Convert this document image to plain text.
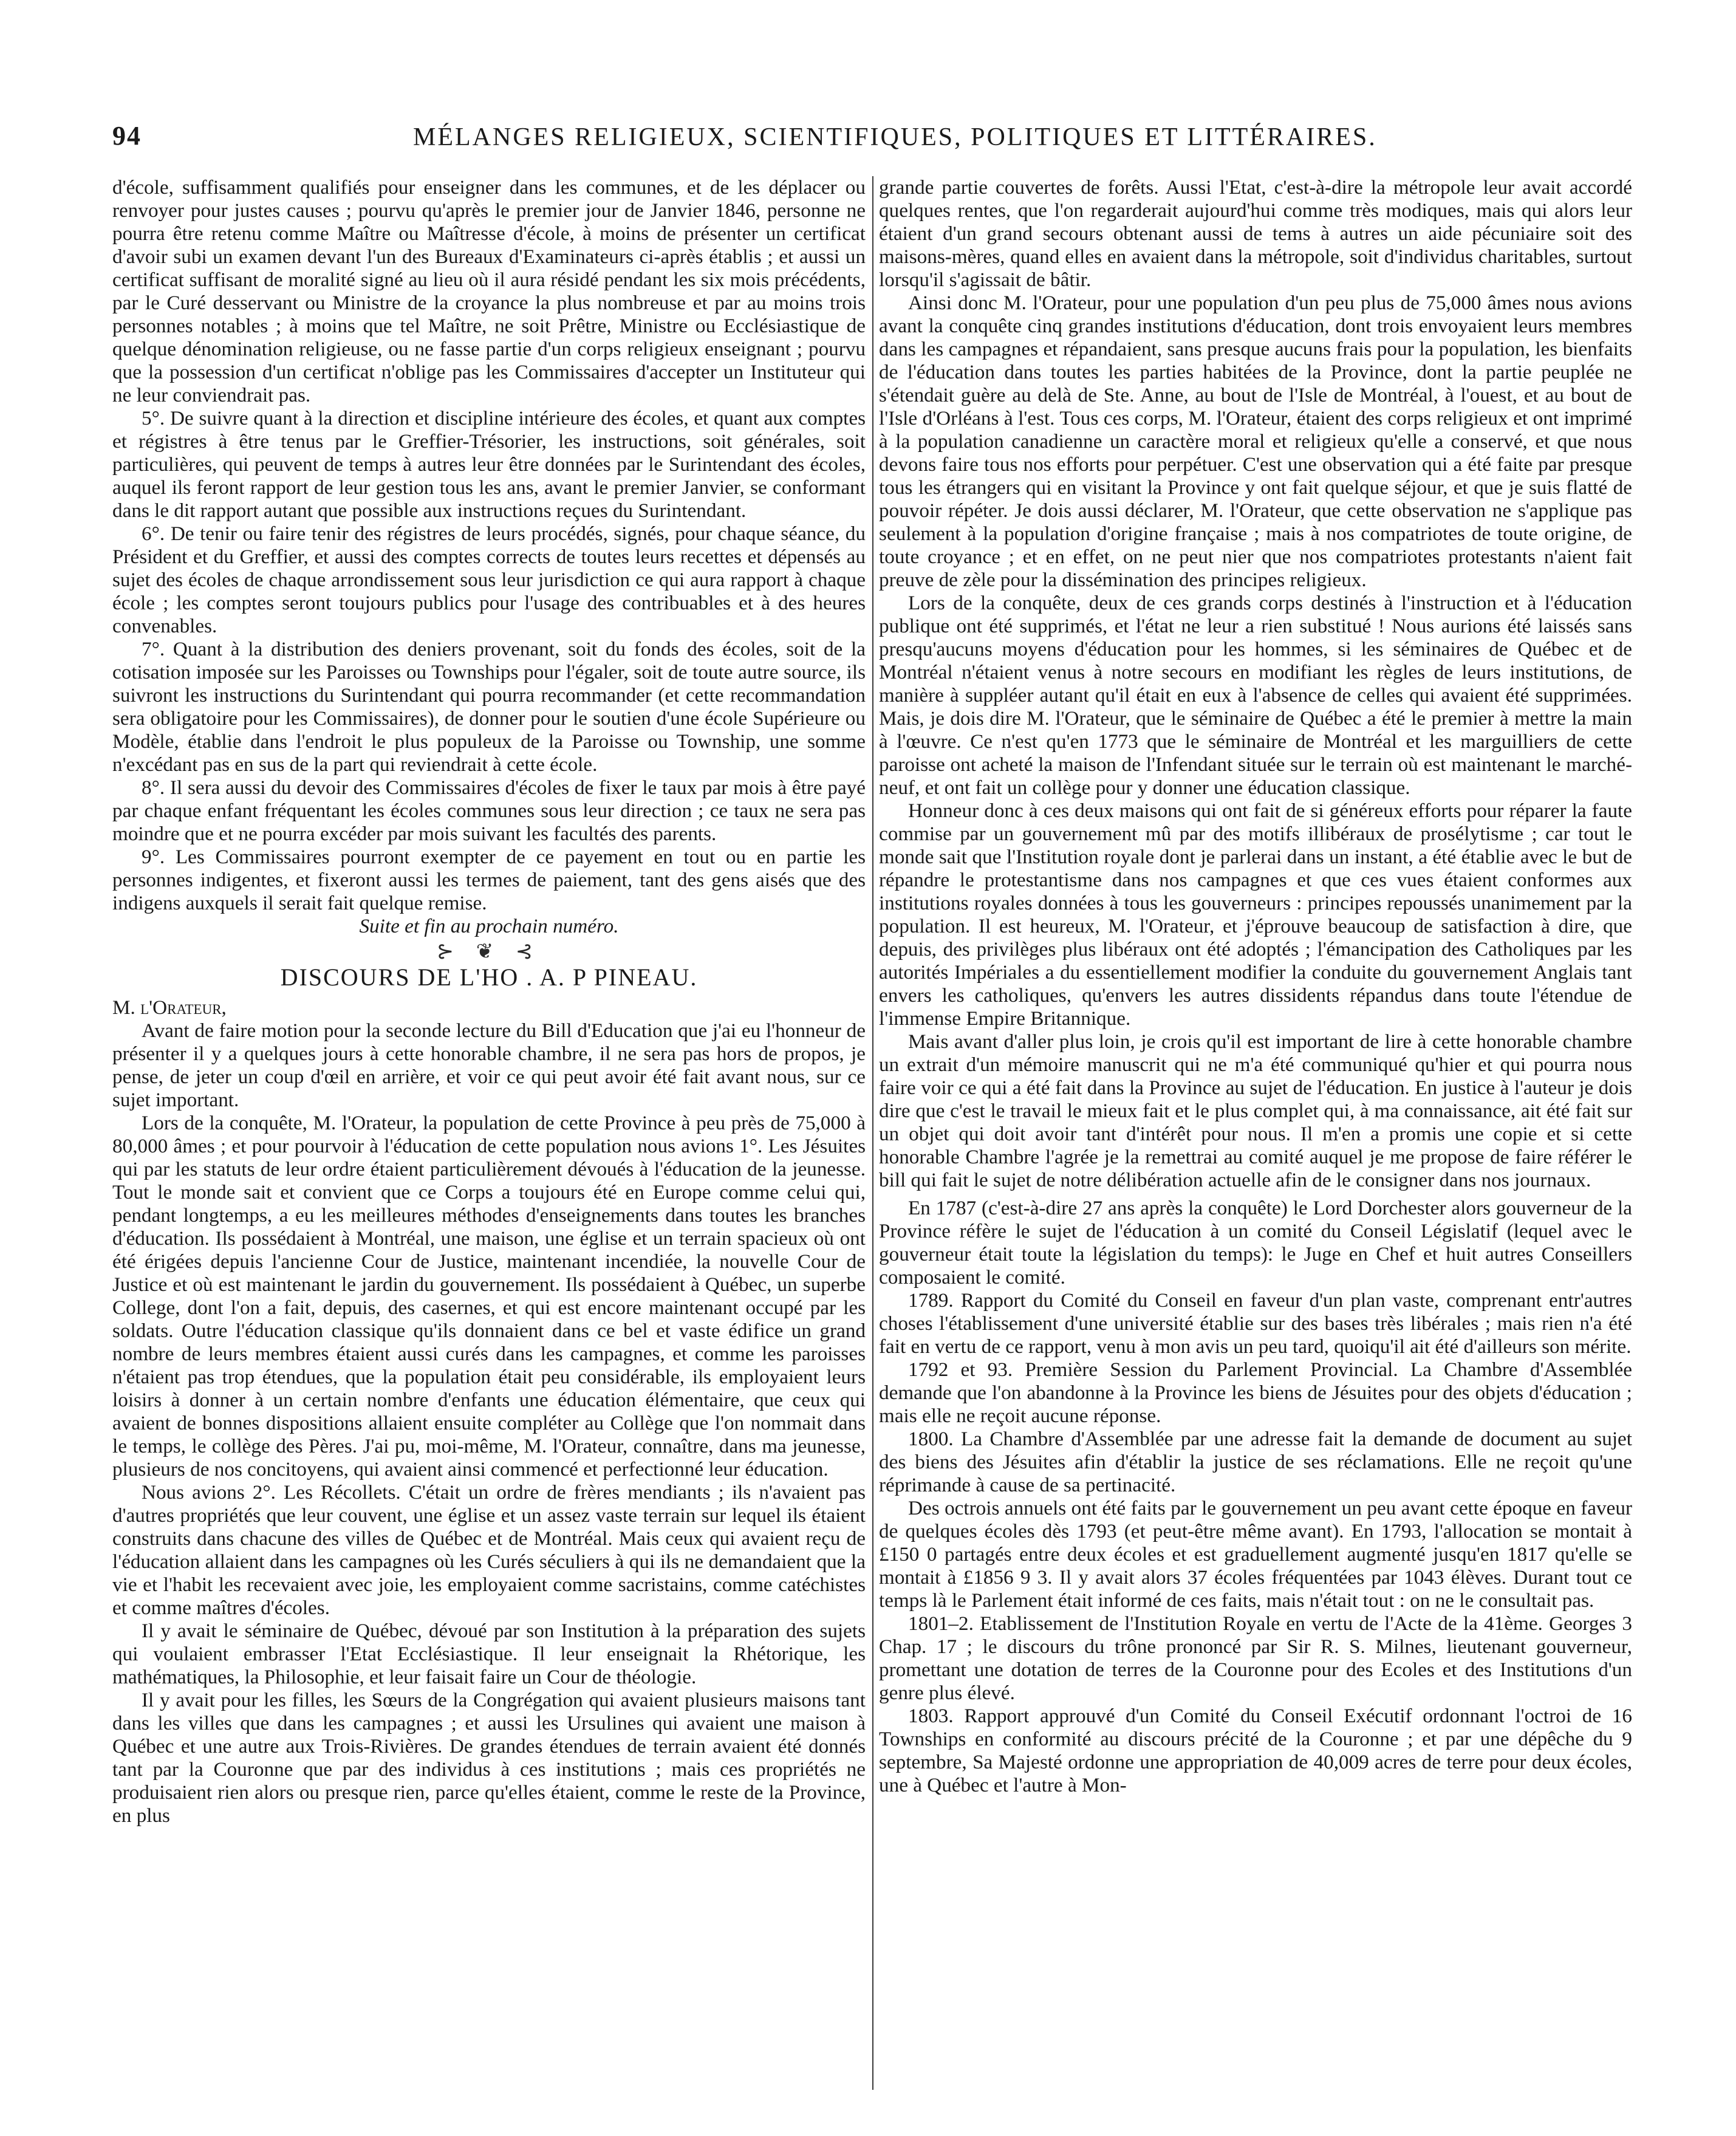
94	MÉLANGES RELIGIEUX, SCIENTIFIQUES, POLITIQUES ET LITTÉRAIRES.

d'école, suffisamment qualifiés pour enseigner dans les communes, et de les déplacer ou renvoyer pour justes causes ; pourvu qu'après le premier jour de Janvier 1846, personne ne pourra être retenu comme Maître ou Maîtresse d'école, à moins de présenter un certificat d'avoir subi un examen devant l'un des Bureaux d'Examinateurs ci-après établis ; et aussi un certificat suffisant de moralité signé au lieu où il aura résidé pendant les six mois précédents, par le Curé desservant ou Ministre de la croyance la plus nombreuse et par au moins trois personnes notables ; à moins que tel Maître, ne soit Prêtre, Ministre ou Ecclésiastique de quelque dénomination religieuse, ou ne fasse partie d'un corps religieux enseignant ; pourvu que la possession d'un certificat n'oblige pas les Commissaires d'accepter un Instituteur qui ne leur conviendrait pas.

5°. De suivre quant à la direction et discipline intérieure des écoles, et quant aux comptes et régistres à être tenus par le Greffier-Trésorier, les instructions, soit générales, soit particulières, qui peuvent de temps à autres leur être données par le Surintendant des écoles, auquel ils feront rapport de leur gestion tous les ans, avant le premier Janvier, se conformant dans le dit rapport autant que possible aux instructions reçues du Surintendant.

6°. De tenir ou faire tenir des régistres de leurs procédés, signés, pour chaque séance, du Président et du Greffier, et aussi des comptes corrects de toutes leurs recettes et dépensés au sujet des écoles de chaque arrondissement sous leur jurisdiction ce qui aura rapport à chaque école ; les comptes seront toujours publics pour l'usage des contribuables et à des heures convenables.

7°. Quant à la distribution des deniers provenant, soit du fonds des écoles, soit de la cotisation imposée sur les Paroisses ou Townships pour l'égaler, soit de toute autre source, ils suivront les instructions du Surintendant qui pourra recommander (et cette recommandation sera obligatoire pour les Commissaires), de donner pour le soutien d'une école Supérieure ou Modèle, établie dans l'endroit le plus populeux de la Paroisse ou Township, une somme n'excédant pas en sus de la part qui reviendrait à cette école.

8°. Il sera aussi du devoir des Commissaires d'écoles de fixer le taux par mois à être payé par chaque enfant fréquentant les écoles communes sous leur direction ; ce taux ne sera pas moindre que et ne pourra excéder par mois suivant les facultés des parents.

9°. Les Commissaires pourront exempter de ce payement en tout ou en partie les personnes indigentes, et fixeront aussi les termes de paiement, tant des gens aisés que des indigens auxquels il serait fait quelque remise.

Suite et fin au prochain numéro.

⊱ ❦ ⊰
DISCOURS DE L'HO . A. P PINEAU.

M. l'Orateur,

Avant de faire motion pour la seconde lecture du Bill d'Education que j'ai eu l'honneur de présenter il y a quelques jours à cette honorable chambre, il ne sera pas hors de propos, je pense, de jeter un coup d'œil en arrière, et voir ce qui peut avoir été fait avant nous, sur ce sujet important.

Lors de la conquête, M. l'Orateur, la population de cette Province à peu près de 75,000 à 80,000 âmes ; et pour pourvoir à l'éducation de cette population nous avions 1°. Les Jésuites qui par les statuts de leur ordre étaient particulièrement dévoués à l'éducation de la jeunesse. Tout le monde sait et convient que ce Corps a toujours été en Europe comme celui qui, pendant longtemps, a eu les meilleures méthodes d'enseignements dans toutes les branches d'éducation. Ils possédaient à Montréal, une maison, une église et un terrain spacieux où ont été érigées depuis l'ancienne Cour de Justice, maintenant incendiée, la nouvelle Cour de Justice et où est maintenant le jardin du gouvernement. Ils possédaient à Québec, un superbe College, dont l'on a fait, depuis, des casernes, et qui est encore maintenant occupé par les soldats. Outre l'éducation classique qu'ils donnaient dans ce bel et vaste édifice un grand nombre de leurs membres étaient aussi curés dans les campagnes, et comme les paroisses n'étaient pas trop étendues, que la population était peu considérable, ils employaient leurs loisirs à donner à un certain nombre d'enfants une éducation élémentaire, que ceux qui avaient de bonnes dispositions allaient ensuite compléter au Collège que l'on nommait dans le temps, le collège des Pères. J'ai pu, moi-même, M. l'Orateur, connaître, dans ma jeunesse, plusieurs de nos concitoyens, qui avaient ainsi commencé et perfectionné leur éducation.

Nous avions 2°. Les Récollets. C'était un ordre de frères mendiants ; ils n'avaient pas d'autres propriétés que leur couvent, une église et un assez vaste terrain sur lequel ils étaient construits dans chacune des villes de Québec et de Montréal. Mais ceux qui avaient reçu de l'éducation allaient dans les campagnes où les Curés séculiers à qui ils ne demandaient que la vie et l'habit les recevaient avec joie, les employaient comme sacristains, comme catéchistes et comme maîtres d'écoles.

Il y avait le séminaire de Québec, dévoué par son Institution à la préparation des sujets qui voulaient embrasser l'Etat Ecclésiastique. Il leur enseignait la Rhétorique, les mathématiques, la Philosophie, et leur faisait faire un Cour de théologie.

Il y avait pour les filles, les Sœurs de la Congrégation qui avaient plusieurs maisons tant dans les villes que dans les campagnes ; et aussi les Ursulines qui avaient une maison à Québec et une autre aux Trois-Rivières. De grandes étendues de terrain avaient été donnés tant par la Couronne que par des individus à ces institutions ; mais ces propriétés ne produisaient rien alors ou presque rien, parce qu'elles étaient, comme le reste de la Province, en plus

grande partie couvertes de forêts. Aussi l'Etat, c'est-à-dire la métropole leur avait accordé quelques rentes, que l'on regarderait aujourd'hui comme très modiques, mais qui alors leur étaient d'un grand secours obtenant aussi de tems à autres un aide pécuniaire soit des maisons-mères, quand elles en avaient dans la métropole, soit d'individus charitables, surtout lorsqu'il s'agissait de bâtir.

Ainsi donc M. l'Orateur, pour une population d'un peu plus de 75,000 âmes nous avions avant la conquête cinq grandes institutions d'éducation, dont trois envoyaient leurs membres dans les campagnes et répandaient, sans presque aucuns frais pour la population, les bienfaits de l'éducation dans toutes les parties habitées de la Province, dont la partie peuplée ne s'étendait guère au delà de Ste. Anne, au bout de l'Isle de Montréal, à l'ouest, et au bout de l'Isle d'Orléans à l'est. Tous ces corps, M. l'Orateur, étaient des corps religieux et ont imprimé à la population canadienne un caractère moral et religieux qu'elle a conservé, et que nous devons faire tous nos efforts pour perpétuer. C'est une observation qui a été faite par presque tous les étrangers qui en visitant la Province y ont fait quelque séjour, et que je suis flatté de pouvoir répéter. Je dois aussi déclarer, M. l'Orateur, que cette observation ne s'applique pas seulement à la population d'origine française ; mais à nos compatriotes de toute origine, de toute croyance ; et en effet, on ne peut nier que nos compatriotes protestants n'aient fait preuve de zèle pour la dissémination des principes religieux.

Lors de la conquête, deux de ces grands corps destinés à l'instruction et à l'éducation publique ont été supprimés, et l'état ne leur a rien substitué ! Nous aurions été laissés sans presqu'aucuns moyens d'éducation pour les hommes, si les séminaires de Québec et de Montréal n'étaient venus à notre secours en modifiant les règles de leurs institutions, de manière à suppléer autant qu'il était en eux à l'absence de celles qui avaient été supprimées. Mais, je dois dire M. l'Orateur, que le séminaire de Québec a été le premier à mettre la main à l'œuvre. Ce n'est qu'en 1773 que le séminaire de Montréal et les marguilliers de cette paroisse ont acheté la maison de l'Infendant située sur le terrain où est maintenant le marché-neuf, et ont fait un collège pour y donner une éducation classique.

Honneur donc à ces deux maisons qui ont fait de si généreux efforts pour réparer la faute commise par un gouvernement mû par des motifs illibéraux de prosélytisme ; car tout le monde sait que l'Institution royale dont je parlerai dans un instant, a été établie avec le but de répandre le protestantisme dans nos campagnes et que ces vues étaient conformes aux institutions royales données à tous les gouverneurs : principes repoussés unanimement par la population. Il est heureux, M. l'Orateur, et j'éprouve beaucoup de satisfaction à dire, que depuis, des privilèges plus libéraux ont été adoptés ; l'émancipation des Catholiques par les autorités Impériales a du essentiellement modifier la conduite du gouvernement Anglais tant envers les catholiques, qu'envers les autres dissidents répandus dans toute l'étendue de l'immense Empire Britannique.

Mais avant d'aller plus loin, je crois qu'il est important de lire à cette honorable chambre un extrait d'un mémoire manuscrit qui ne m'a été communiqué qu'hier et qui pourra nous faire voir ce qui a été fait dans la Province au sujet de l'éducation. En justice à l'auteur je dois dire que c'est le travail le mieux fait et le plus complet qui, à ma connaissance, ait été fait sur un objet qui doit avoir tant d'intérêt pour nous. Il m'en a promis une copie et si cette honorable Chambre l'agrée je la remettrai au comité auquel je me propose de faire référer le bill qui fait le sujet de notre délibération actuelle afin de le consigner dans nos journaux.

En 1787 (c'est-à-dire 27 ans après la conquête) le Lord Dorchester alors gouverneur de la Province réfère le sujet de l'éducation à un comité du Conseil Législatif (lequel avec le gouverneur était toute la législation du temps): le Juge en Chef et huit autres Conseillers composaient le comité.

1789. Rapport du Comité du Conseil en faveur d'un plan vaste, comprenant entr'autres choses l'établissement d'une université établie sur des bases très libérales ; mais rien n'a été fait en vertu de ce rapport, venu à mon avis un peu tard, quoiqu'il ait été d'ailleurs son mérite.

1792 et 93. Première Session du Parlement Provincial. La Chambre d'Assemblée demande que l'on abandonne à la Province les biens de Jésuites pour des objets d'éducation ; mais elle ne reçoit aucune réponse.

1800. La Chambre d'Assemblée par une adresse fait la demande de document au sujet des biens des Jésuites afin d'établir la justice de ses réclamations. Elle ne reçoit qu'une réprimande à cause de sa pertinacité.

Des octrois annuels ont été faits par le gouvernement un peu avant cette époque en faveur de quelques écoles dès 1793 (et peut-être même avant). En 1793, l'allocation se montait à £150 0 partagés entre deux écoles et est graduellement augmenté jusqu'en 1817 qu'elle se montait à £1856 9 3. Il y avait alors 37 écoles fréquentées par 1043 élèves. Durant tout ce temps là le Parlement était informé de ces faits, mais n'était tout : on ne le consultait pas.

1801–2. Etablissement de l'Institution Royale en vertu de l'Acte de la 41ème. Georges 3 Chap. 17 ; le discours du trône prononcé par Sir R. S. Milnes, lieutenant gouverneur, promettant une dotation de terres de la Couronne pour des Ecoles et des Institutions d'un genre plus élevé.

1803. Rapport approuvé d'un Comité du Conseil Exécutif ordonnant l'octroi de 16 Townships en conformité au discours précité de la Couronne ; et par une dépêche du 9 septembre, Sa Majesté ordonne une appropriation de 40,009 acres de terre pour deux écoles, une à Québec et l'autre à Mon-
